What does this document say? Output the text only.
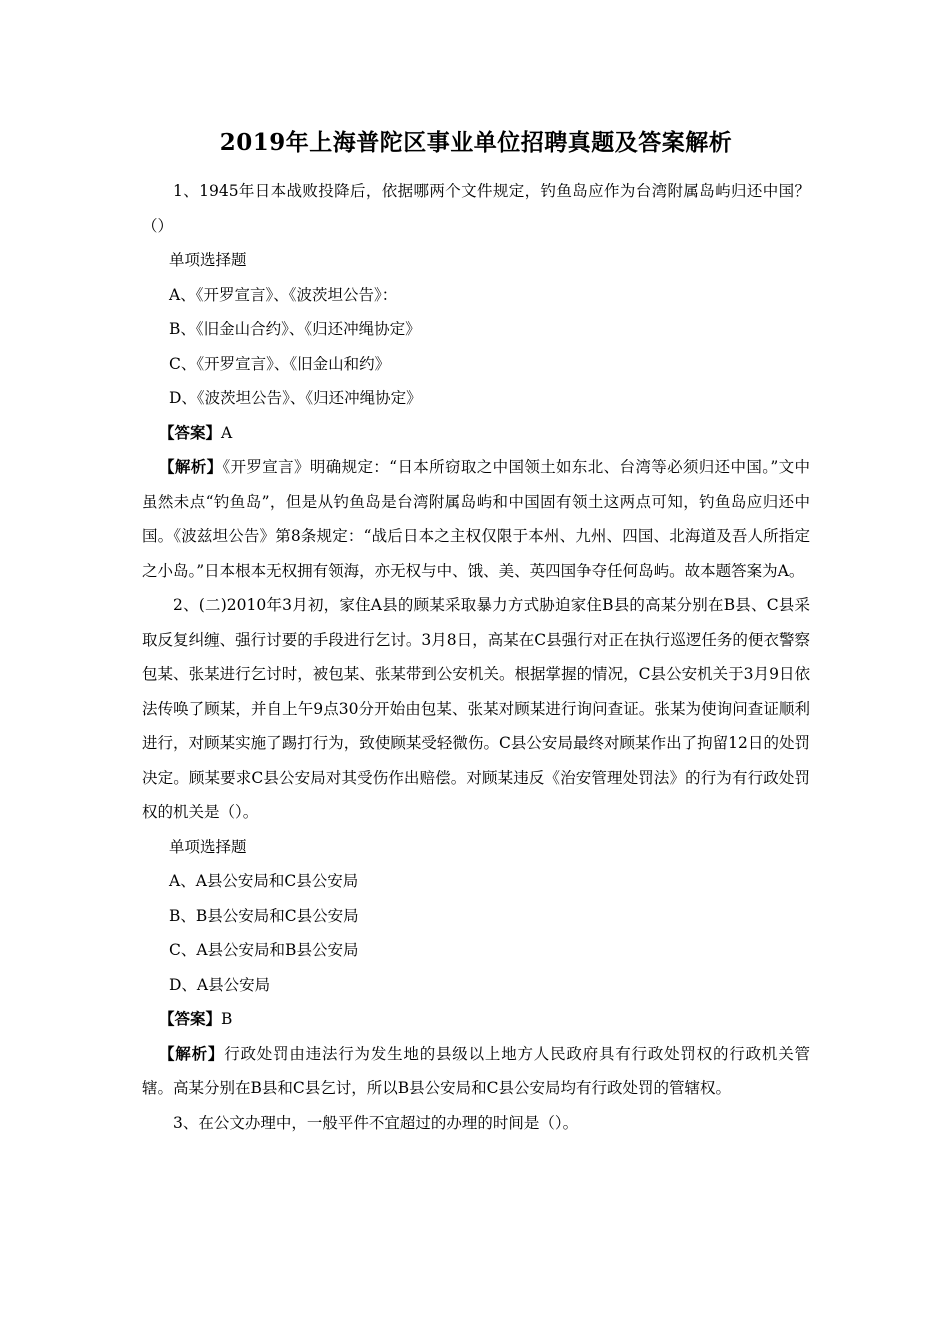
2019年上海普陀区事业单位招聘真题及答案解析

1、1945年日本战败投降后，依据哪两个文件规定，钓鱼岛应作为台湾附属岛屿归还中国？（）

单项选择题

A、《开罗宣言》、《波茨坦公告》：

B、《旧金山合约》、《归还冲绳协定》

C、《开罗宣言》、《旧金山和约》

D、《波茨坦公告》、《归还冲绳协定》

【答案】A

【解析】《开罗宣言》明确规定：“日本所窃取之中国领土如东北、台湾等必须归还中国。”文中虽然未点“钓鱼岛”，但是从钓鱼岛是台湾附属岛屿和中国固有领土这两点可知，钓鱼岛应归还中国。《波兹坦公告》第8条规定：“战后日本之主权仅限于本州、九州、四国、北海道及吾人所指定之小岛。”日本根本无权拥有领海，亦无权与中、饿、美、英四国争夺任何岛屿。故本题答案为A。

2、(二)2010年3月初，家住A县的顾某采取暴力方式胁迫家住B县的高某分别在B县、C县采取反复纠缠、强行讨要的手段进行乞讨。3月8日，高某在C县强行对正在执行巡逻任务的便衣警察包某、张某进行乞讨时，被包某、张某带到公安机关。根据掌握的情况，C县公安机关于3月9日依法传唤了顾某，并自上午9点30分开始由包某、张某对顾某进行询问查证。张某为使询问查证顺利进行，对顾某实施了踢打行为，致使顾某受轻微伤。C县公安局最终对顾某作出了拘留12日的处罚决定。顾某要求C县公安局对其受伤作出赔偿。对顾某违反《治安管理处罚法》的行为有行政处罚权的机关是（）。

单项选择题

A、A县公安局和C县公安局

B、B县公安局和C县公安局

C、A县公安局和B县公安局

D、A县公安局

【答案】B

【解析】行政处罚由违法行为发生地的县级以上地方人民政府具有行政处罚权的行政机关管辖。高某分别在B县和C县乞讨，所以B县公安局和C县公安局均有行政处罚的管辖权。

3、在公文办理中，一般平件不宜超过的办理的时间是（）。
